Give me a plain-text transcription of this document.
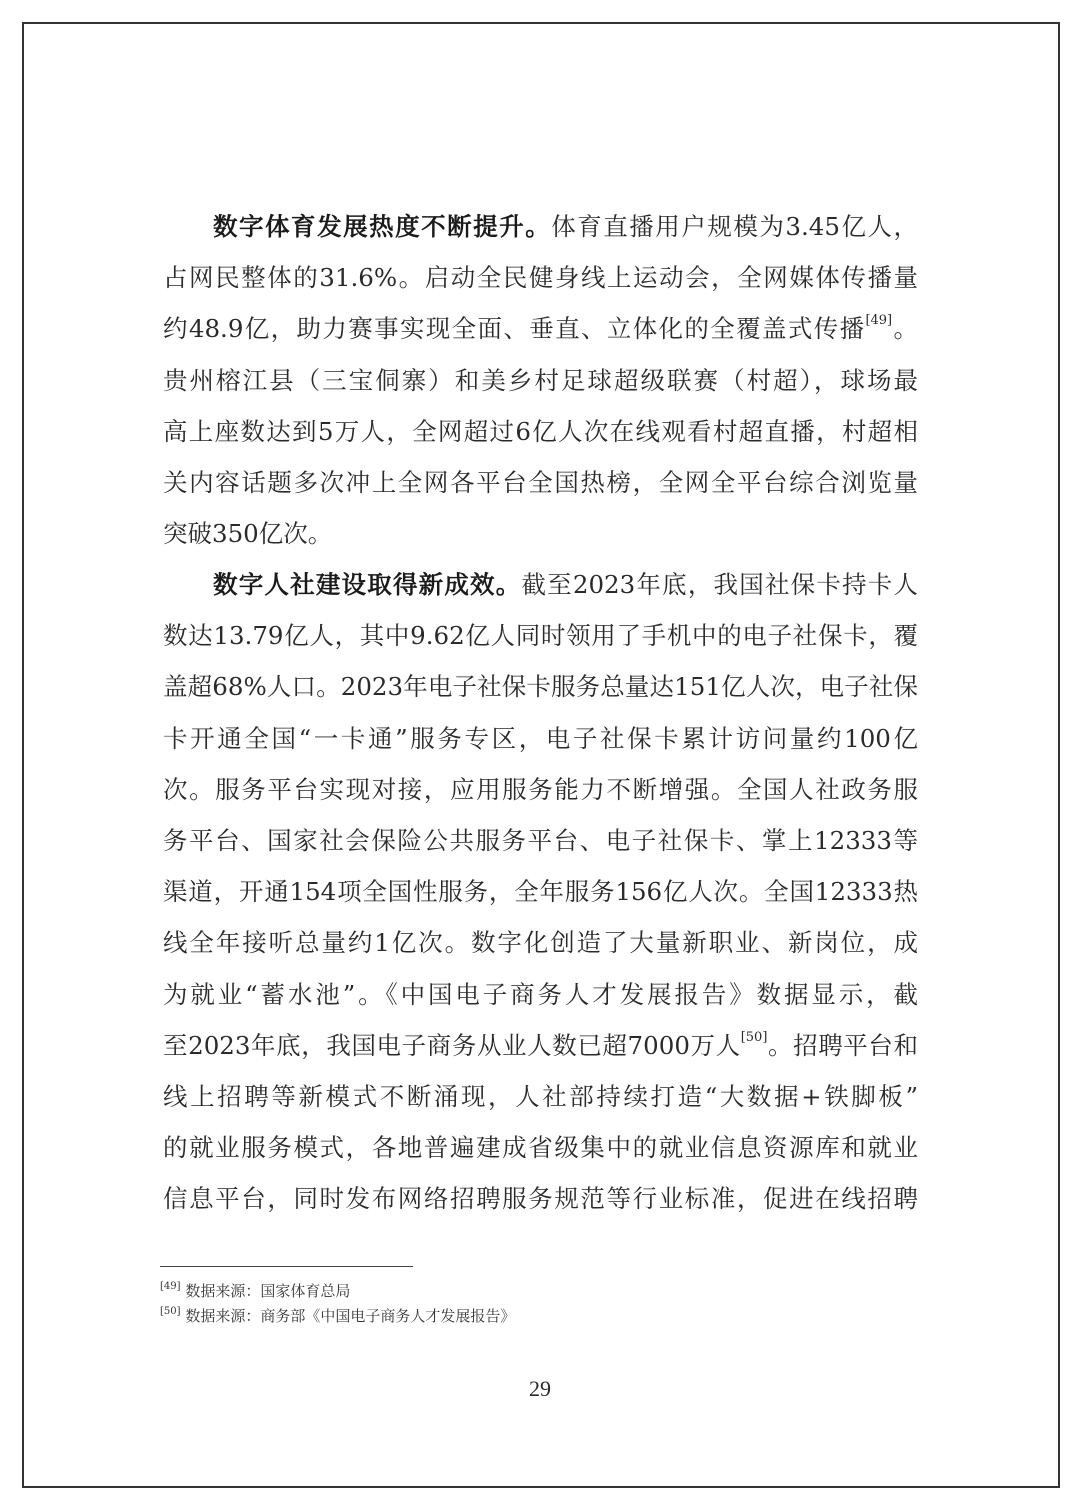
数字体育发展热度不断提升。体育直播用户规模为3.45亿人，
占网民整体的31.6%。启动全民健身线上运动会，全网媒体传播量
约48.9亿，助力赛事实现全面、垂直、立体化的全覆盖式传播[49]。
贵州榕江县（三宝侗寨）和美乡村足球超级联赛（村超），球场最
高上座数达到5万人，全网超过6亿人次在线观看村超直播，村超相
关内容话题多次冲上全网各平台全国热榜，全网全平台综合浏览量
突破350亿次。
数字人社建设取得新成效。截至2023年底，我国社保卡持卡人
数达13.79亿人，其中9.62亿人同时领用了手机中的电子社保卡，覆
盖超68%人口。2023年电子社保卡服务总量达151亿人次，电子社保
卡开通全国“一卡通”服务专区，电子社保卡累计访问量约100亿
次。服务平台实现对接，应用服务能力不断增强。全国人社政务服
务平台、国家社会保险公共服务平台、电子社保卡、掌上12333等
渠道，开通154项全国性服务，全年服务156亿人次。全国12333热
线全年接听总量约1亿次。数字化创造了大量新职业、新岗位，成
为就业“蓄水池”。《中国电子商务人才发展报告》数据显示，截
至2023年底，我国电子商务从业人数已超7000万人[50]。招聘平台和
线上招聘等新模式不断涌现，人社部持续打造“大数据+铁脚板”
的就业服务模式，各地普遍建成省级集中的就业信息资源库和就业
信息平台，同时发布网络招聘服务规范等行业标准，促进在线招聘
[49] 数据来源：国家体育总局
[50] 数据来源：商务部《中国电子商务人才发展报告》
29
